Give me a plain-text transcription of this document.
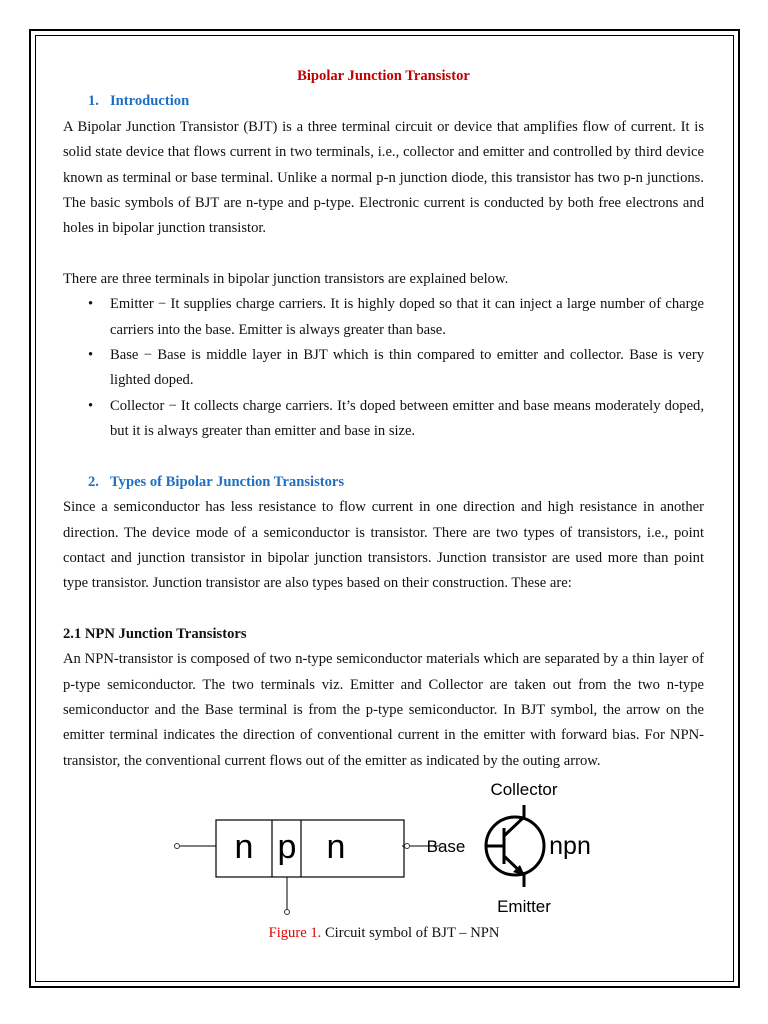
Bipolar Junction Transistor

1. Introduction

A Bipolar Junction Transistor (BJT) is a three terminal circuit or device that amplifies flow of current. It is solid state device that flows current in two terminals, i.e., collector and emitter and controlled by third device known as terminal or base terminal. Unlike a normal p-n junction diode, this transistor has two p-n junctions. The basic symbols of BJT are n-type and p-type. Electronic current is conducted by both free electrons and holes in bipolar junction transistor.

There are three terminals in bipolar junction transistors are explained below.

• Emitter − It supplies charge carriers. It is highly doped so that it can inject a large number of charge carriers into the base. Emitter is always greater than base.
• Base − Base is middle layer in BJT which is thin compared to emitter and collector. Base is very lighted doped.
• Collector − It collects charge carriers. It’s doped between emitter and base means moderately doped, but it is always greater than emitter and base in size.
2. Types of Bipolar Junction Transistors

Since a semiconductor has less resistance to flow current in one direction and high resistance in another direction. The device mode of a semiconductor is transistor. There are two types of transistors, i.e., point contact and junction transistor in bipolar junction transistors. Junction transistor are used more than point type transistor. Junction transistor are also types based on their construction. These are:

2.1 NPN Junction Transistors

An NPN-transistor is composed of two n-type semiconductor materials which are separated by a thin layer of p-type semiconductor. The two terminals viz. Emitter and Collector are taken out from the two n-type semiconductor and the Base terminal is from the p-type semiconductor. In BJT symbol, the arrow on the emitter terminal indicates the direction of conventional current in the emitter with forward bias. For NPN-transistor, the conventional current flows out of the emitter as indicated by the outing arrow.

n p n
Collector
Base
Emitter
npn
Figure 1. Circuit symbol of BJT – NPN
